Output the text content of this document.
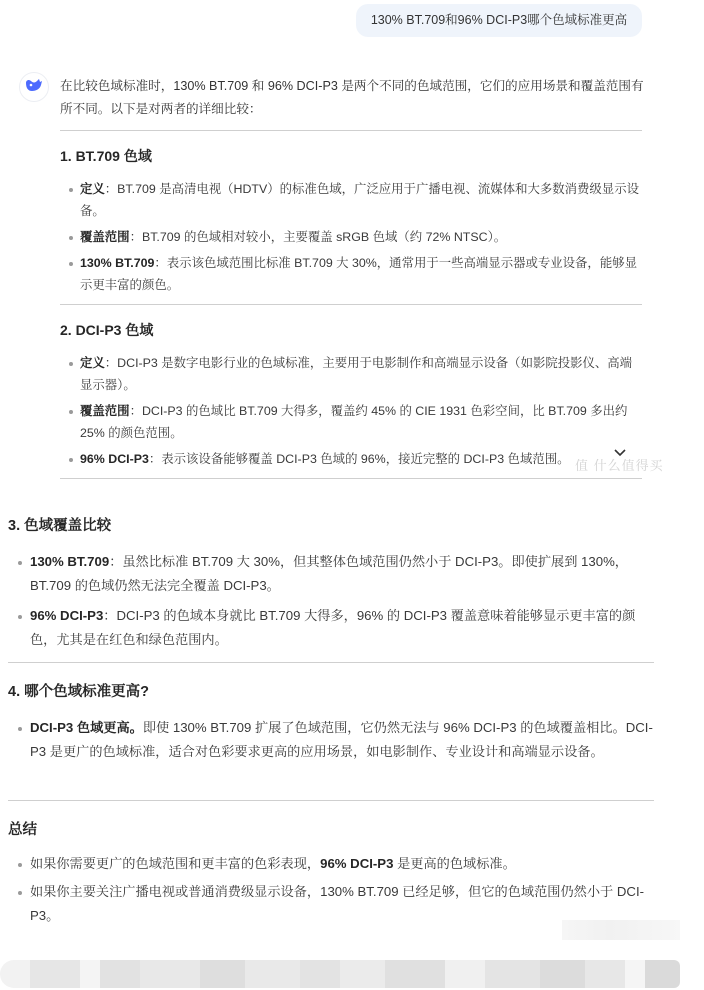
130% BT.709和96% DCI-P3哪个色域标准更高

在比较色域标准时，130% BT.709 和 96% DCI-P3 是两个不同的色域范围，它们的应用场景和覆盖范围有所不同。以下是对两者的详细比较：

1. BT.709 色域
定义：BT.709 是高清电视（HDTV）的标准色域，广泛应用于广播电视、流媒体和大多数消费级显示设备。
覆盖范围：BT.709 的色域相对较小，主要覆盖 sRGB 色域（约 72% NTSC）。
130% BT.709：表示该色域范围比标准 BT.709 大 30%，通常用于一些高端显示器或专业设备，能够显示更丰富的颜色。
2. DCI-P3 色域
定义：DCI-P3 是数字电影行业的色域标准，主要用于电影制作和高端显示设备（如影院投影仪、高端显示器）。
覆盖范围：DCI-P3 的色域比 BT.709 大得多，覆盖约 45% 的 CIE 1931 色彩空间，比 BT.709 多出约 25% 的颜色范围。
96% DCI-P3：表示该设备能够覆盖 DCI-P3 色域的 96%，接近完整的 DCI-P3 色域范围。 值 什么值得买
3. 色域覆盖比较
130% BT.709：虽然比标准 BT.709 大 30%，但其整体色域范围仍然小于 DCI-P3。即使扩展到 130%，BT.709 的色域仍然无法完全覆盖 DCI-P3。
96% DCI-P3：DCI-P3 的色域本身就比 BT.709 大得多，96% 的 DCI-P3 覆盖意味着能够显示更丰富的颜色，尤其是在红色和绿色范围内。
4. 哪个色域标准更高?
DCI-P3 色域更高。即使 130% BT.709 扩展了色域范围，它仍然无法与 96% DCI-P3 的色域覆盖相比。DCI-P3 是更广的色域标准，适合对色彩要求更高的应用场景，如电影制作、专业设计和高端显示设备。
总结
如果你需要更广的色域范围和更丰富的色彩表现，96% DCI-P3 是更高的色域标准。
如果你主要关注广播电视或普通消费级显示设备，130% BT.709 已经足够，但它的色域范围仍然小于 DCI-P3。
